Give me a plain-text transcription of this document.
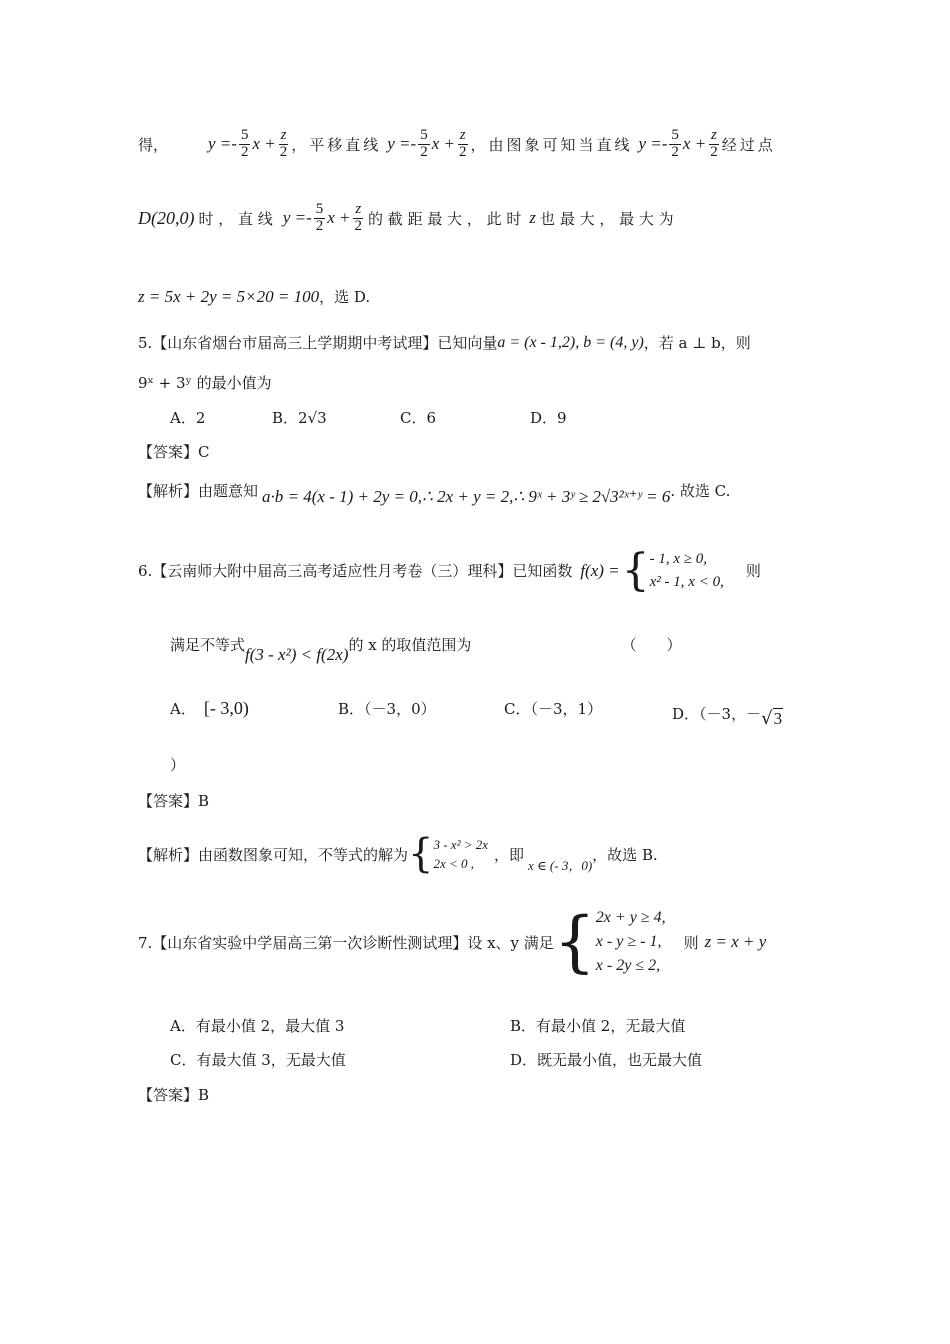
得， $y =- \frac{5}{2}$ $x + \frac{z}{2}$ ，平移直线 $y =- \frac{5}{2}$ $x + \frac{z}{2}$ ，由图象可知当直线 $y =- \frac{5}{2}$ $x + \frac{z}{2}$ 经过点
D(20,0) 时 ， 直 线 $y =- \frac{5}{2}$ $x + \frac{z}{2}$ 的 截 距 最 大 ， 此 时 z 也 最 大 ， 最 大 为
z = 5x + 2y = 5×20 = 100 ，选 D.
5.【山东省烟台市届高三上学期期中考试理】已知向量 a = (x - 1,2), b = (4, y) ，若 a ⊥ b，则
9ˣ + 3ʸ 的最小值为
A．2	B．2√3	C．6	D．9
【答案】C
【解析】由题意知 a·b = 4(x - 1) + 2y = 0,∴ 2x + y = 2,∴ 9ˣ + 3ʸ ≥ 2√3²ˣ⁺ʸ = 6 . 故选 C.
6.【云南师大附中届高三高考适应性月考卷（三）理科】已知函数 f(x) = { - 1, x ≥ 0,
x² - 1, x < 0,
则
满足不等式 f(3 - x²) < f(2x) 的 x 的取值范围为	（　　）
A． [- 3,0)	B．（－3，0）	C．（－3，1）	D．（－3，－ √ 3
）
【答案】B
【解析】由函数图象可知，不等式的解为 { 3 - x² > 2x
2x < 0 ,	，即
x ∈ (- 3，0)
，故选 B.
7.【山东省实验中学届高三第一次诊断性测试理】设 x、y 满足 { 2x + y ≥ 4,
x - y ≥ - 1,
x - 2y ≤ 2,
则 z = x + y
A．有最小值 2，最大值 3	B．有最小值 2，无最大值
C．有最大值 3，无最大值	D．既无最小值，也无最大值
【答案】B
